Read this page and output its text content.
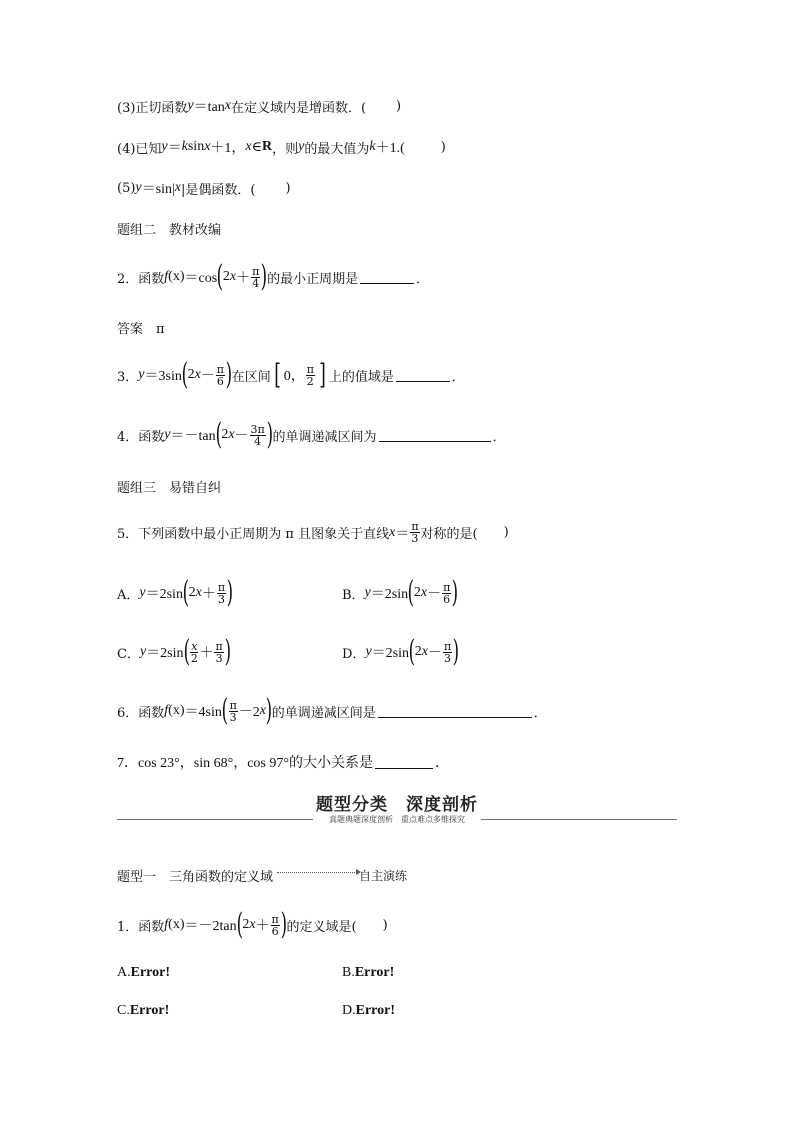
(3)正切函数 y ＝tan x 在定义域内是增函数．( )
(4)已知 y ＝ k sin x ＋1， x ∈ R ，则 y 的最大值为 k ＋1.(	)
(5) y ＝sin| x |是偶函数．( )
题组二　教材改编
2．函数 f (x) ＝cos ( 2 $x + \frac{\pi}{4}$ ) 的最小正周期是	．
答案　π
3． y ＝3sin ( 2 $x - \frac{\pi}{6}$ ) 在区间 [ 0， $\frac{\pi}{2}$ ] 上的值域是	．
4．函数 y ＝－tan ( 2 $x - \frac{3\pi}{4}$ ) 的单调递减区间为	．
题组三　易错自纠
5．下列函数中最小正周期为 π 且图象关于直线 $x = \frac{\pi}{3}$ 对称的是( )
A． y ＝2sin ( 2 $x + \frac{\pi}{3}$ )	B． y ＝2sin ( 2 $x - \frac{\pi}{6}$ )
C． y ＝2sin ( $\frac{x}{2} + \frac{\pi}{3}$ )	D． y ＝2sin ( 2 $x - \frac{\pi}{3}$ )
6．函数 f (x) ＝4sin ( $\frac{\pi}{3} -2$ x ) 的单调递减区间是	．
7．cos 23°，sin 68°，cos 97°的大小关系是	．
题型分类　深度剖析
真题典题深度剖析　重点难点多维探究
题型一　三角函数的定义域	自主演练
1．函数 f (x) ＝－2tan ( 2 $x + \frac{\pi}{6}$ ) 的定义域是( )
A. Error!	B. Error!
C. Error!	D. Error!
